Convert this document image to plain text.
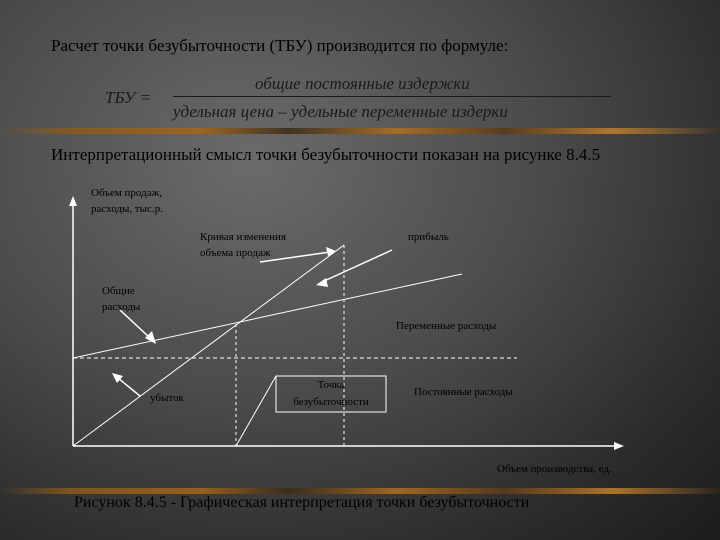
Расчет точки безубыточности (ТБУ) производится по формуле:
ТБУ =
общие постоянные издержки
удельная цена – удельные переменные издерки
Интерпретационный смысл точки безубыточности показан на рисунке 8.4.5
Объем продаж,
расходы, тыс.р.
Кривая изменения
объема продаж
прибыль
Общие
расходы
Переменные расходы
убыток
Точка
безубыточности
Постоянные расходы
Объем производства, ед.
Рисунок 8.4.5 - Графическая интерпретация точки безубыточности
